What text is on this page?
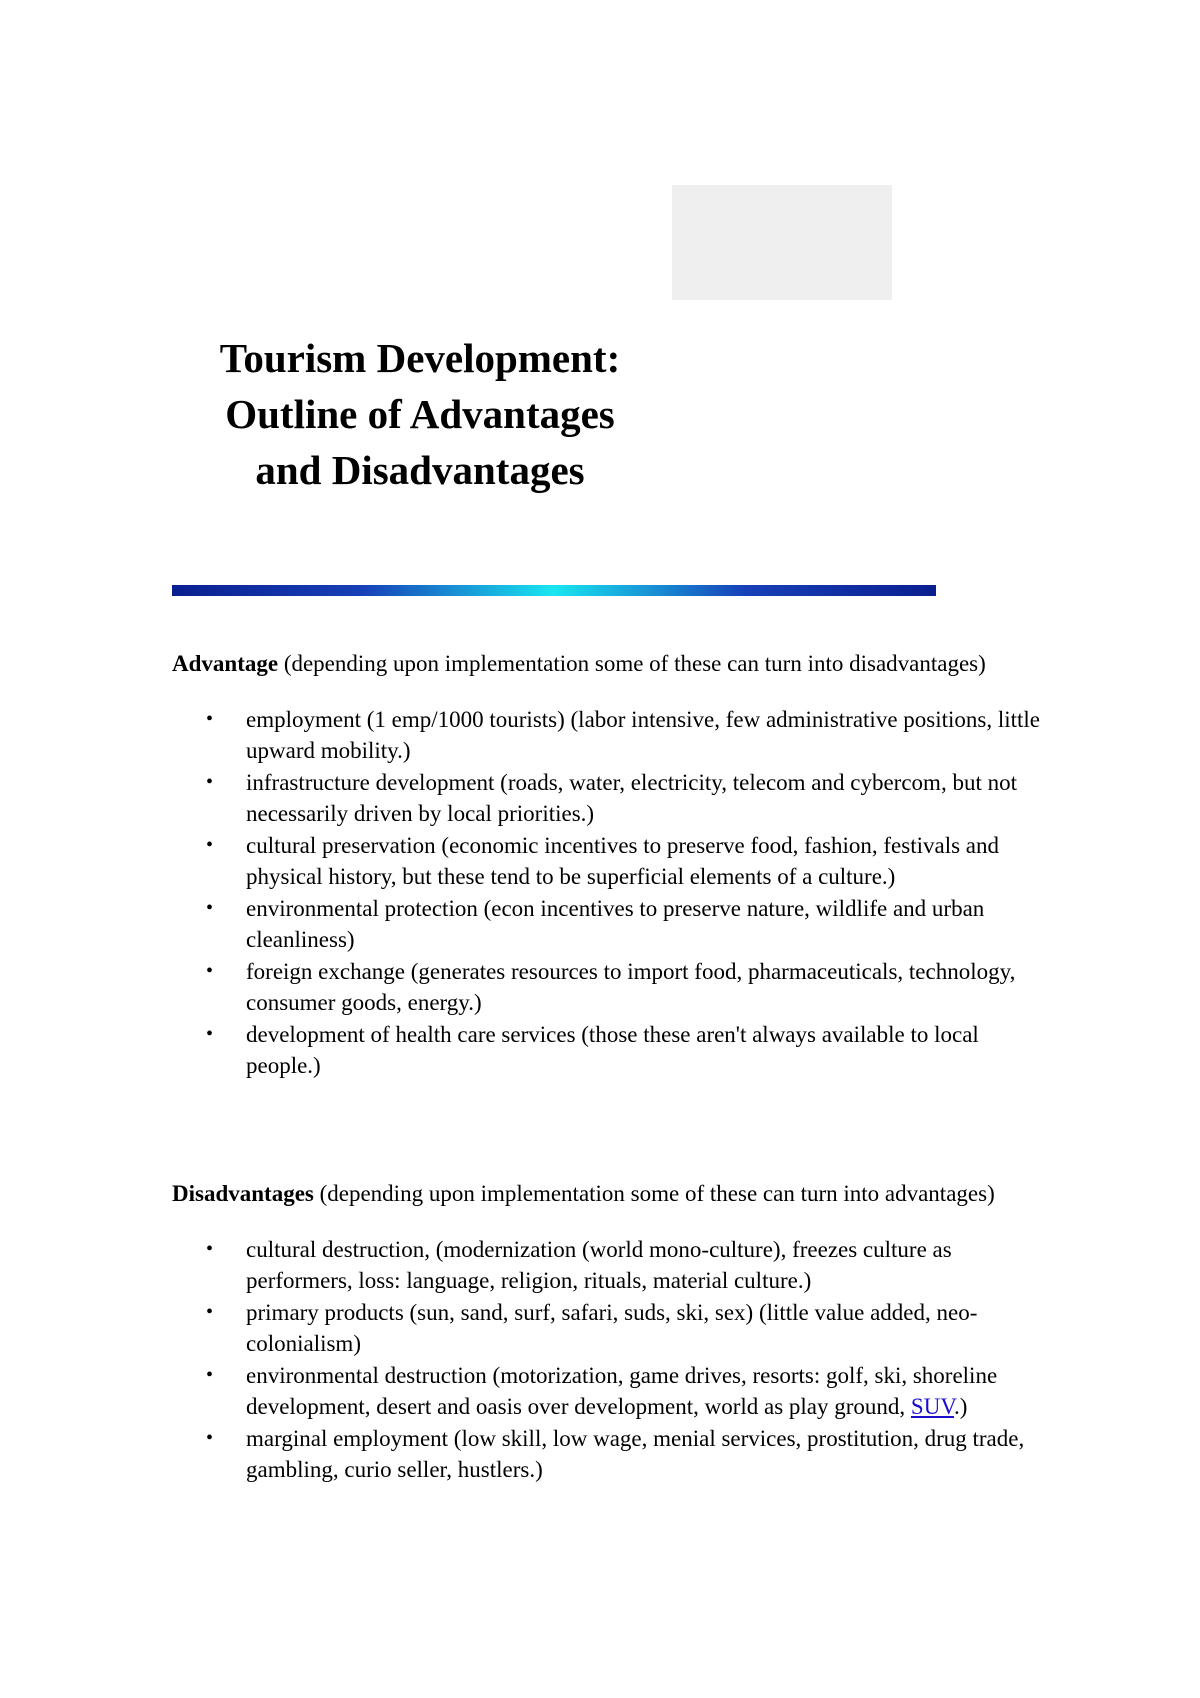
Tourism Development:
Outline of Advantages
and Disadvantages

Advantage (depending upon implementation some of these can turn into disadvantages)

• employment (1 emp/1000 tourists) (labor intensive, few administrative positions, little upward mobility.)
• infrastructure development (roads, water, electricity, telecom and cybercom, but not necessarily driven by local priorities.)
• cultural preservation (economic incentives to preserve food, fashion, festivals and physical history, but these tend to be superficial elements of a culture.)
• environmental protection (econ incentives to preserve nature, wildlife and urban cleanliness)
• foreign exchange (generates resources to import food, pharmaceuticals, technology, consumer goods, energy.)
• development of health care services (those these aren't always available to local people.)

Disadvantages (depending upon implementation some of these can turn into advantages)

• cultural destruction, (modernization (world mono-culture), freezes culture as performers, loss: language, religion, rituals, material culture.)
• primary products (sun, sand, surf, safari, suds, ski, sex) (little value added, neo-colonialism)
• environmental destruction (motorization, game drives, resorts: golf, ski, shoreline development, desert and oasis over development, world as play ground, SUV.)
• marginal employment (low skill, low wage, menial services, prostitution, drug trade, gambling, curio seller, hustlers.)
